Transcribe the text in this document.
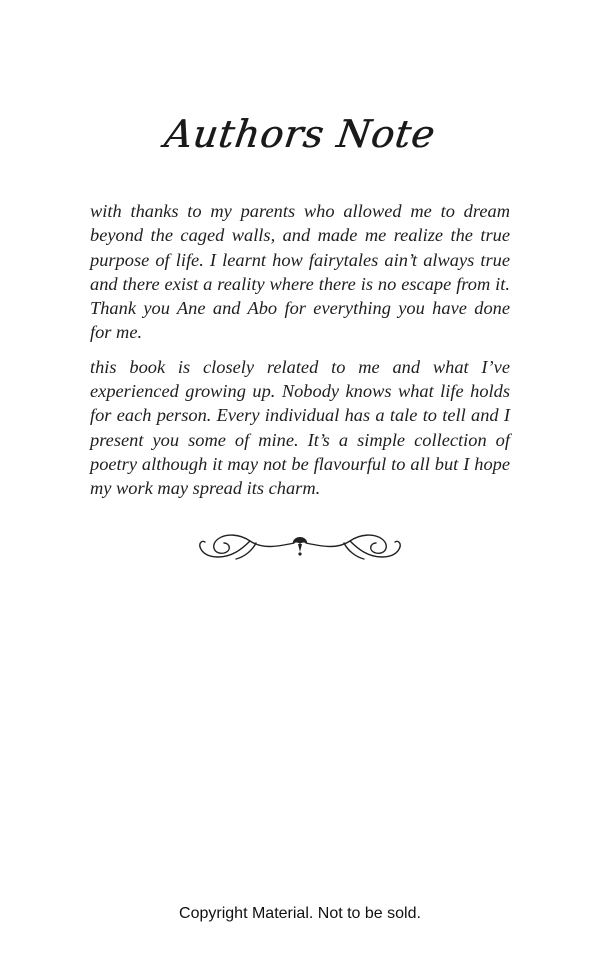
Authors Note

with thanks to my parents who allowed me to dream beyond the caged walls, and made me realize the true purpose of life. I learnt how fairytales ain’t always true and there exist a reality where there is no escape from it. Thank you Ane and Abo for everything you have done for me.

this book is closely related to me and what I’ve experienced growing up. Nobody knows what life holds for each person. Every individual has a tale to tell and I present you some of mine. It’s a simple collection of poetry although it may not be flavourful to all but I hope my work may spread its charm.

Copyright Material. Not to be sold.
